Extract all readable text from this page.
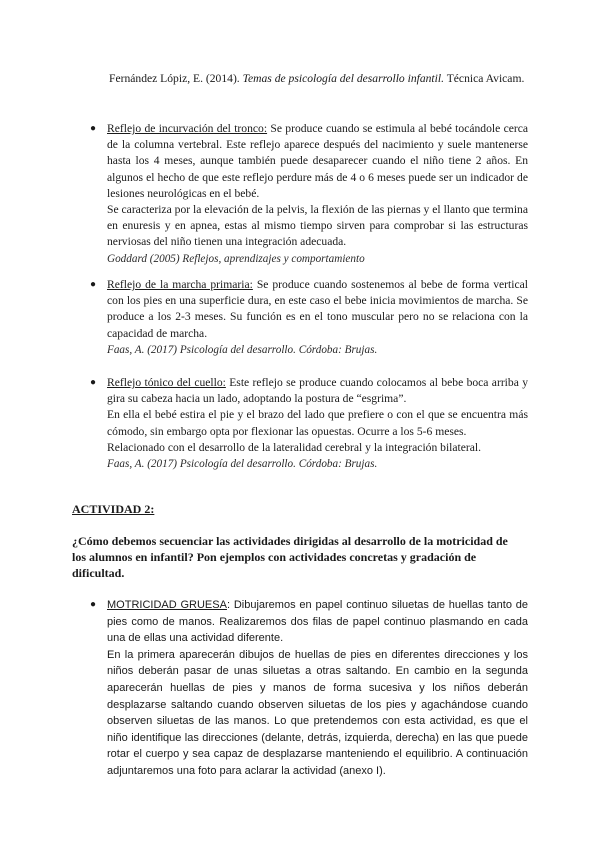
Fernández Lópiz, E. (2014). Temas de psicología del desarrollo infantil. Técnica Avicam.

● Reflejo de incurvación del tronco: Se produce cuando se estimula al bebé tocándole cerca de la columna vertebral. Este reflejo aparece después del nacimiento y suele mantenerse hasta los 4 meses, aunque también puede desaparecer cuando el niño tiene 2 años. En algunos el hecho de que este reflejo perdure más de 4 o 6 meses puede ser un indicador de lesiones neurológicas en el bebé.

Se caracteriza por la elevación de la pelvis, la flexión de las piernas y el llanto que termina en enuresis y en apnea, estas al mismo tiempo sirven para comprobar si las estructuras nerviosas del niño tienen una integración adecuada.

Goddard (2005) Reflejos, aprendizajes y comportamiento

● Reflejo de la marcha primaria: Se produce cuando sostenemos al bebe de forma vertical con los pies en una superficie dura, en este caso el bebe inicia movimientos de marcha. Se produce a los 2-3 meses. Su función es en el tono muscular pero no se relaciona con la capacidad de marcha.

Faas, A. (2017) Psicología del desarrollo. Córdoba: Brujas.

● Reflejo tónico del cuello: Este reflejo se produce cuando colocamos al bebe boca arriba y gira su cabeza hacia un lado, adoptando la postura de “esgrima”.

En ella el bebé estira el pie y el brazo del lado que prefiere o con el que se encuentra más cómodo, sin embargo opta por flexionar las opuestas. Ocurre a los 5-6 meses.

Relacionado con el desarrollo de la lateralidad cerebral y la integración bilateral.

Faas, A. (2017) Psicología del desarrollo. Córdoba: Brujas.

ACTIVIDAD 2:

¿Cómo debemos secuenciar las actividades dirigidas al desarrollo de la motricidad de los alumnos en infantil? Pon ejemplos con actividades concretas y gradación de dificultad.

● MOTRICIDAD GRUESA: Dibujaremos en papel continuo siluetas de huellas tanto de pies como de manos. Realizaremos dos filas de papel continuo plasmando en cada una de ellas una actividad diferente.

En la primera aparecerán dibujos de huellas de pies en diferentes direcciones y los niños deberán pasar de unas siluetas a otras saltando. En cambio en la segunda aparecerán huellas de pies y manos de forma sucesiva y los niños deberán desplazarse saltando cuando observen siluetas de los pies y agachándose cuando observen siluetas de las manos. Lo que pretendemos con esta actividad, es que el niño identifique las direcciones (delante, detrás, izquierda, derecha) en las que puede rotar el cuerpo y sea capaz de desplazarse manteniendo el equilibrio. A continuación adjuntaremos una foto para aclarar la actividad (anexo I).
